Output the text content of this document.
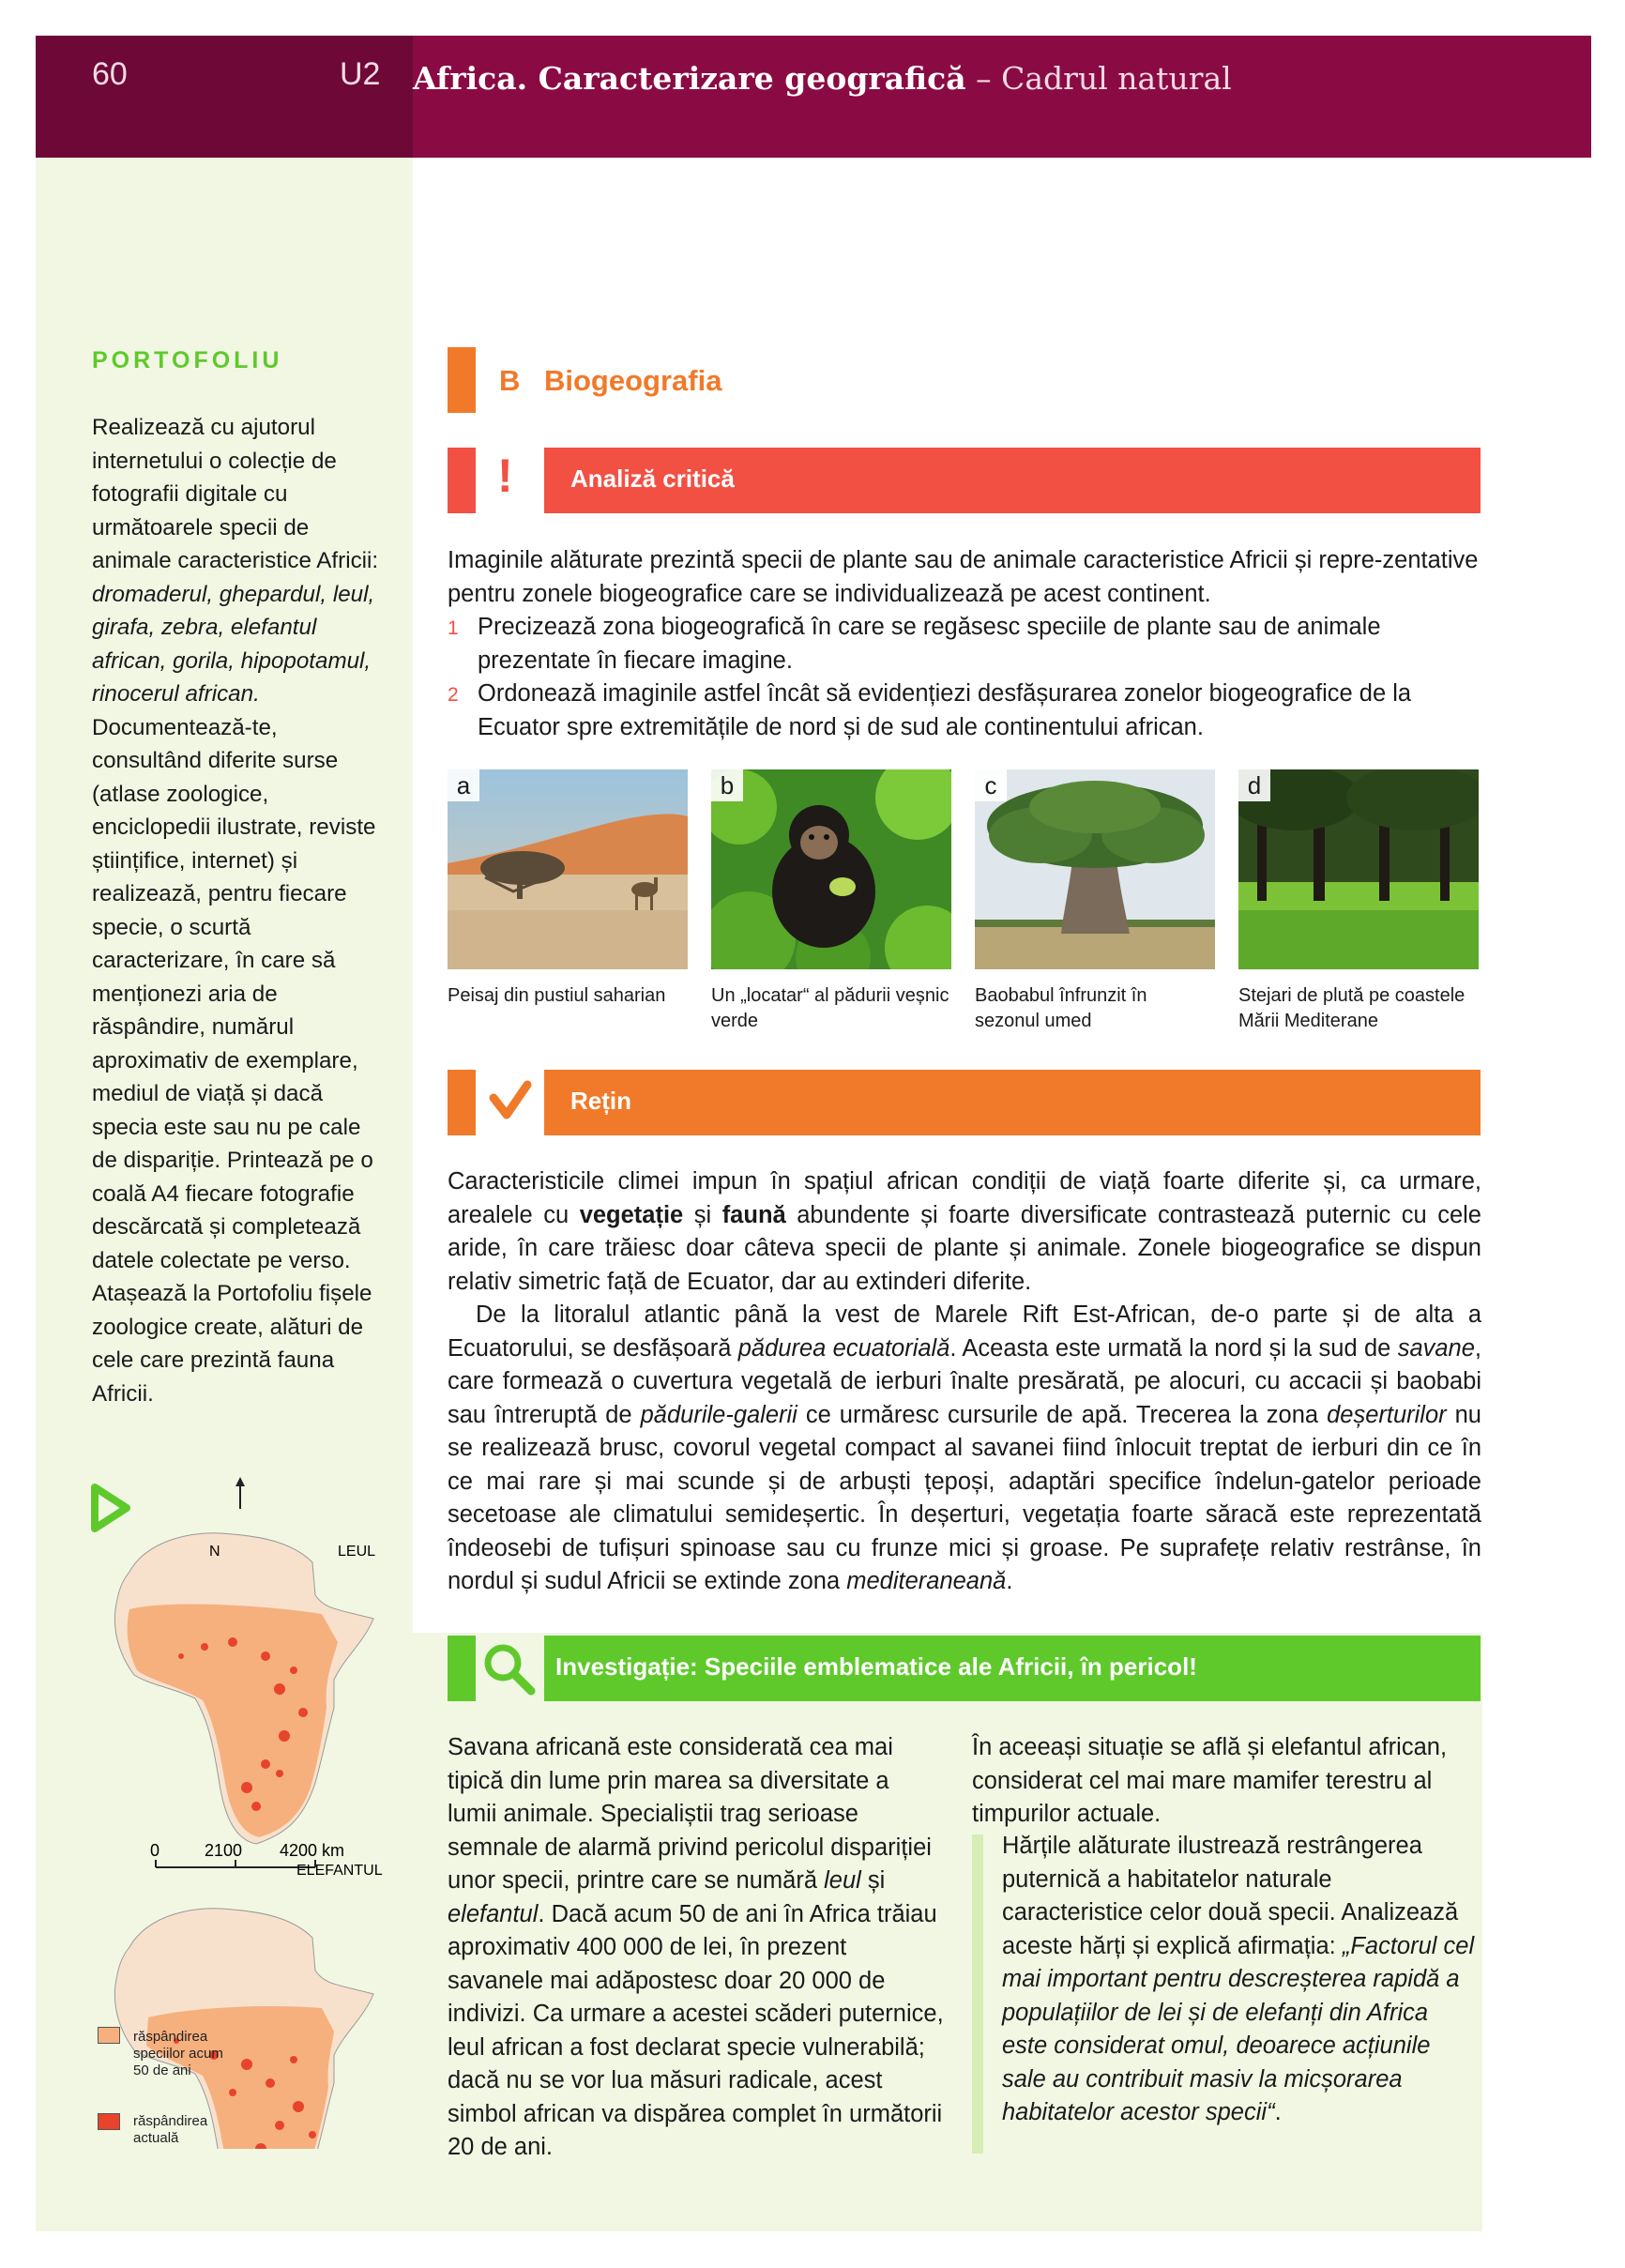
60	U2 Africa. Caracterizare geografică – Cadrul natural
PORTOFOLIU
Realizează cu ajutorul internetului o colecție de fotografii digitale cu următoarele specii de animale caracteristice Africii: dromaderul, ghepardul, leul, girafa, zebra, elefantul african, gorila, hipopotamul, rinocerul african. Documentează-te, consultând diferite surse (atlase zoologice, enciclopedii ilustrate, reviste științifice, internet) și realizează, pentru fiecare specie, o scurtă caracterizare, în care să menționezi aria de răspândire, numărul aproximativ de exemplare, mediul de viață și dacă specia este sau nu pe cale de dispariție. Printează pe o coală A4 fiecare fotografie descărcată și completează datele colectate pe verso. Atașează la Portofoliu fișele zoologice create, alături de cele care prezintă fauna Africii.
N	LEUL
0	2100 4200 km
ELEFANTUL
răspândirea speciilor acum 50 de ani
răspândirea actuală
B Biogeografia
! Analiză critică
Imaginile alăturate prezintă specii de plante sau de animale caracteristice Africii și repre-zentative pentru zonele biogeografice care se individualizează pe acest continent.
1 Precizează zona biogeografică în care se regăsesc speciile de plante sau de animale prezentate în fiecare imagine.
2 Ordonează imaginile astfel încât să evidențiezi desfășurarea zonelor biogeografice de la Ecuator spre extremitățile de nord și de sud ale continentului african.
a	b	c	d
Peisaj din pustiul saharian	Un „locatar“ al pădurii veșnic verde
Baobabul înfrunzit în sezonul umed
Stejari de plută pe coastele Mării Mediterane
Rețin

Caracteristicile climei impun în spațiul african condiții de viață foarte diferite și, ca urmare, arealele cu vegetație și faună abundente și foarte diversificate contrastează puternic cu cele aride, în care trăiesc doar câteva specii de plante și animale. Zonele biogeografice se dispun relativ simetric față de Ecuator, dar au extinderi diferite.

De la litoralul atlantic până la vest de Marele Rift Est-African, de-o parte și de alta a Ecuatorului, se desfășoară pădurea ecuatorială. Aceasta este urmată la nord și la sud de savane, care formează o cuvertura vegetală de ierburi înalte presărată, pe alocuri, cu accacii și baobabi sau întreruptă de pădurile-galerii ce urmăresc cursurile de apă. Trecerea la zona deșerturilor nu se realizează brusc, covorul vegetal compact al savanei fiind înlocuit treptat de ierburi din ce în ce mai rare și mai scunde și de arbuști țepoși, adaptări specifice îndelun-gatelor perioade secetoase ale climatului semideșertic. În deșerturi, vegetația foarte săracă este reprezentată îndeosebi de tufișuri spinoase sau cu frunze mici și groase. Pe suprafețe relativ restrânse, în nordul și sudul Africii se extinde zona mediteraneană.

Investigație: Speciile emblematice ale Africii, în pericol!
Savana africană este considerată cea mai tipică din lume prin marea sa diversitate a lumii animale. Specialiștii trag serioase semnale de alarmă privind pericolul dispariției unor specii, printre care se numără leul și elefantul. Dacă acum 50 de ani în Africa trăiau aproximativ 400 000 de lei, în prezent savanele mai adăpostesc doar 20 000 de indivizi. Ca urmare a acestei scăderi puternice, leul african a fost declarat specie vulnerabilă; dacă nu se vor lua măsuri radicale, acest simbol african va dispărea complet în următorii 20 de ani.
În aceeași situație se află și elefantul african, considerat cel mai mare mamifer terestru al timpurilor actuale.
Hărțile alăturate ilustrează restrângerea puternică a habitatelor naturale caracteristice celor două specii. Analizează aceste hărți și explică afirmația: „Factorul cel mai important pentru descreșterea rapidă a populațiilor de lei și de elefanți din Africa este considerat omul, deoarece acțiunile sale au contribuit masiv la micșorarea habitatelor acestor specii“.
